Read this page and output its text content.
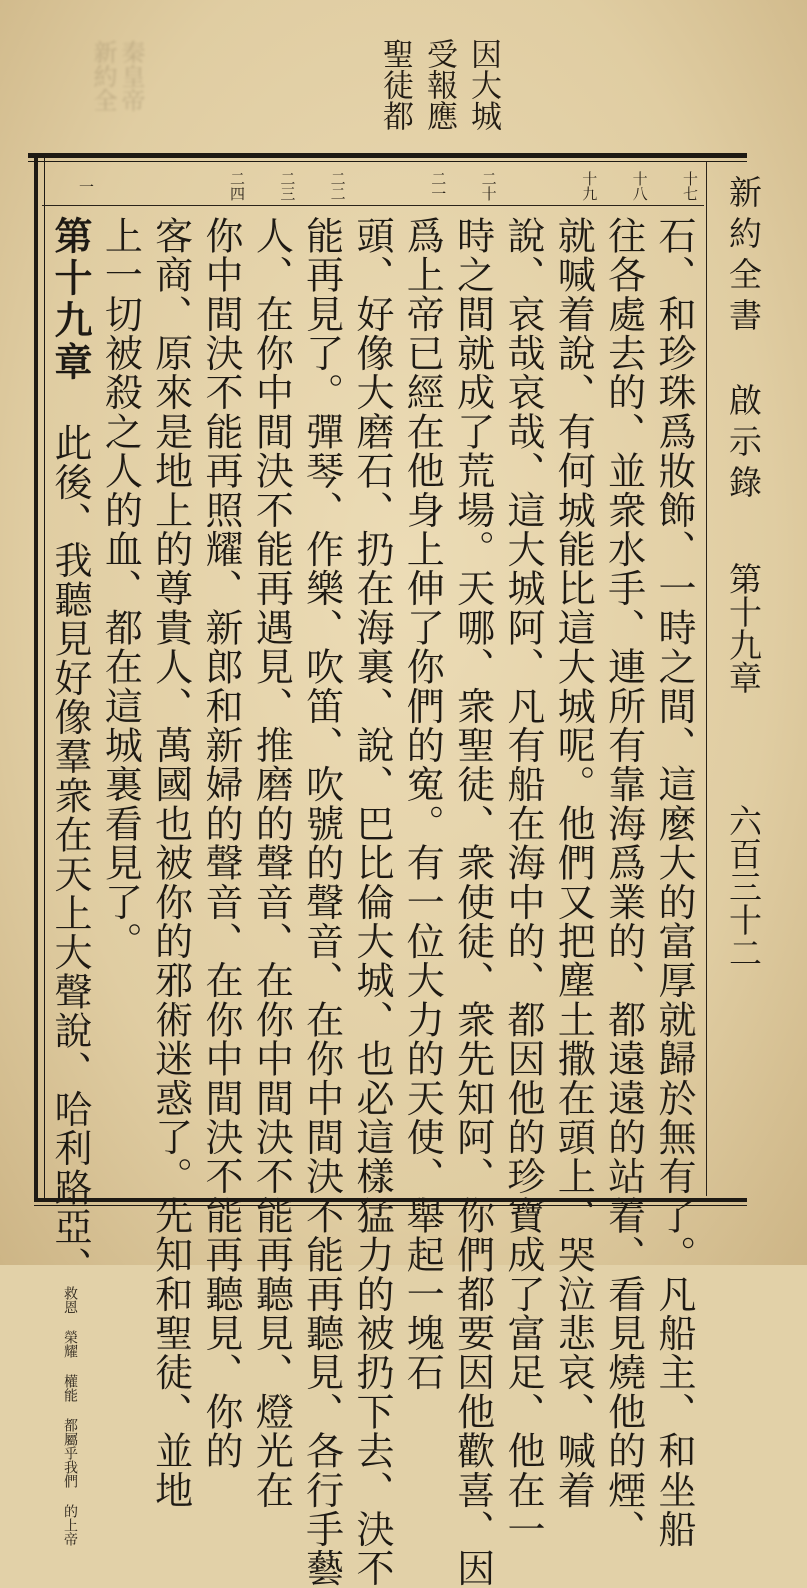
秦皇帝 新約全	因大城
受報應
聖徒都
新約全書啟示錄第十九章六百三十二
十七
石、和珍珠爲妝飾、一時之間、這麼大的富厚就歸於無有了。凡船主、和坐船
十八
往各處去的、並衆水手、連所有靠海爲業的、都遠遠的站着、看見燒他的煙、
十九
就喊着說、有何城能比這大城呢。他們又把塵土撒在頭上、哭泣悲哀、喊着
說、哀哉哀哉、這大城阿、凡有船在海中的、都因他的珍寶成了富足、他在一
二十
時之間就成了荒場。天哪、衆聖徒、衆使徒、衆先知阿、你們都要因他歡喜、因
二一
爲上帝已經在他身上伸了你們的寃。有一位大力的天使、舉起一塊石
頭、好像大磨石、扔在海裏、說、巴比倫大城、也必這樣猛力的被扔下去、決不
二二
能再見了。彈琴、作樂、吹笛、吹號的聲音、在你中間決不能再聽見、各行手藝
二三
人、在你中間決不能再遇見、推磨的聲音、在你中間決不能再聽見、燈光在
二四
你中間決不能再照耀、新郎和新婦的聲音、在你中間決不能再聽見、你的
客商、原來是地上的尊貴人、萬國也被你的邪術迷惑了。先知和聖徒、並地
上一切被殺之人的血、都在這城裏看見了。
一
第十九章　此後、我聽見好像羣衆在天上大聲說、哈利路亞、救恩 榮耀 權能 都屬乎我們 的上帝
